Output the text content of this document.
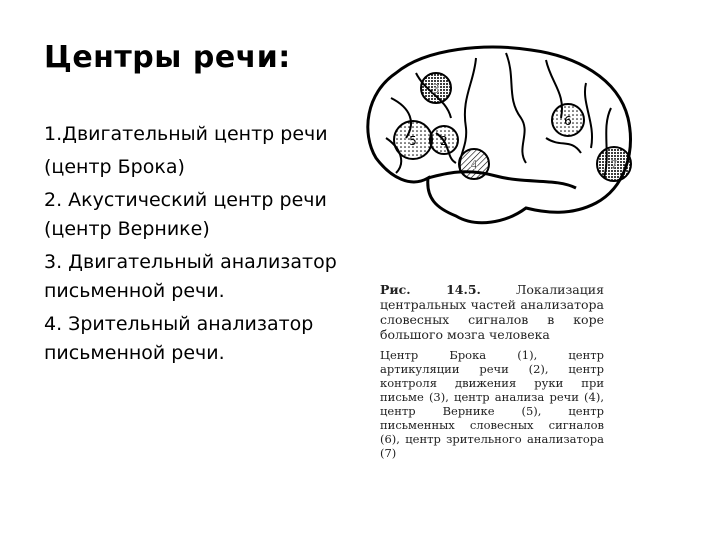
Центры речи:

1.Двигательный центр речи

(центр Брока)

2. Акустический центр речи (центр Вернике)

3. Двигательный анализатор письменной речи.

4. Зрительный анализатор письменной речи.

3
5 2
4
6
7

Рис. 14.5.	Локализация центральных частей анализатора словесных сигналов в коре большого мозга человека

Центр Брока (1), центр артикуляции речи (2), центр контроля движения руки при письме (3), центр анализа речи (4), центр Вернике (5), центр письменных словесных сигналов (6), центр зрительного анализатора (7)
